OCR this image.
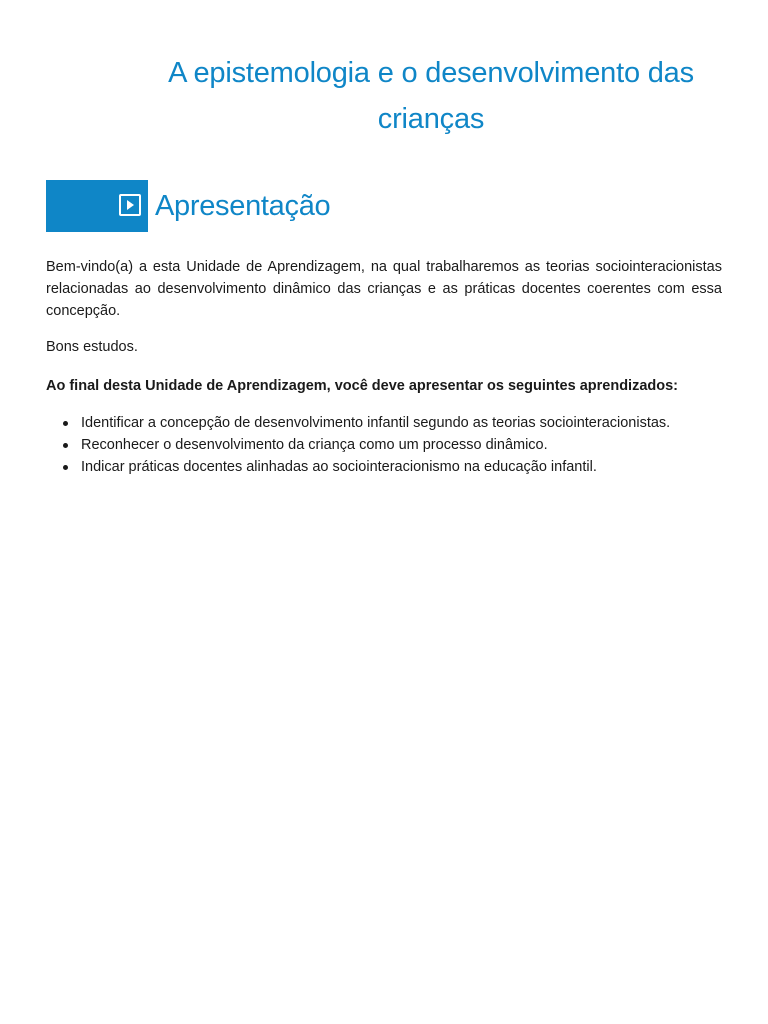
A epistemologia e o desenvolvimento das crianças
Apresentação

Bem-vindo(a) a esta Unidade de Aprendizagem, na qual trabalharemos as teorias sociointeracionistas relacionadas ao desenvolvimento dinâmico das crianças e as práticas docentes coerentes com essa concepção.

Bons estudos.

Ao final desta Unidade de Aprendizagem, você deve apresentar os seguintes aprendizados:

Identificar a concepção de desenvolvimento infantil segundo as teorias sociointeracionistas.
Reconhecer o desenvolvimento da criança como um processo dinâmico.
Indicar práticas docentes alinhadas ao sociointeracionismo na educação infantil.
